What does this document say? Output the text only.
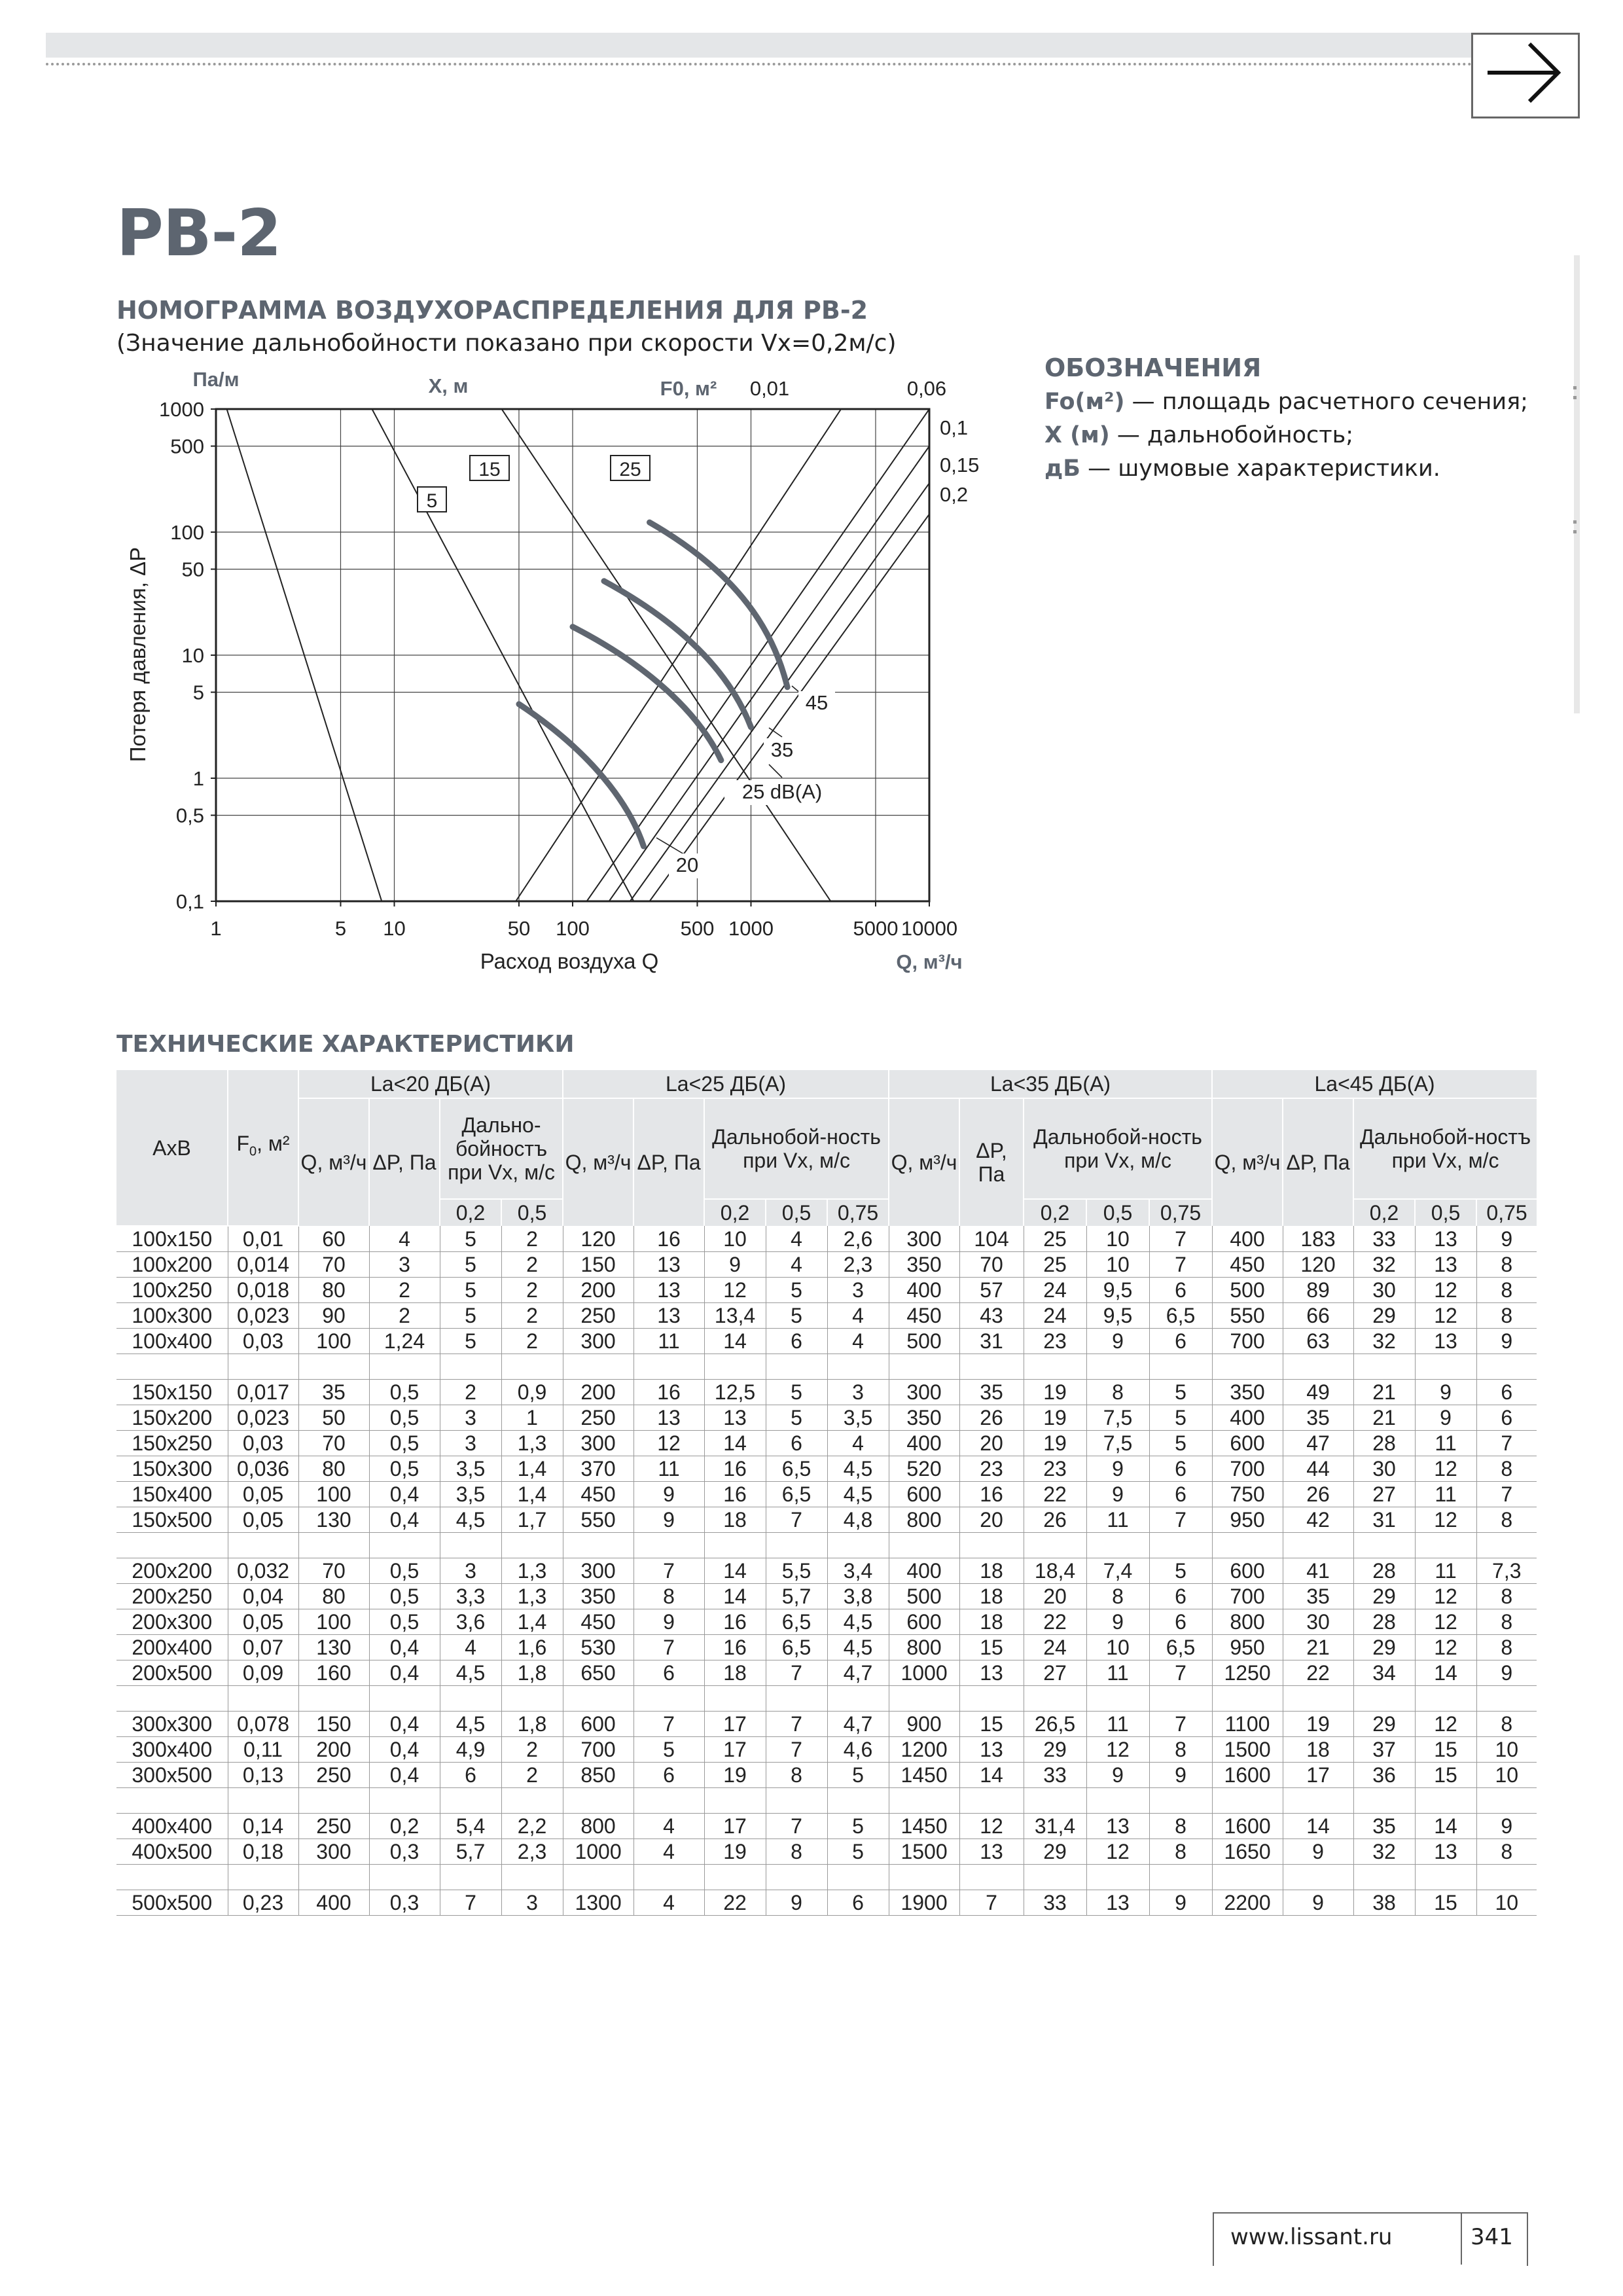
РВ-2
НОМОГРАММА ВОЗДУХОРАСПРЕДЕЛЕНИЯ ДЛЯ РВ-2
(Значение дальнобойности показано при скорости Vx=0,2м/с)
ОБОЗНАЧЕНИЯ
Fo(м²) — площадь расчетного сечения;
X (м) — дальнобойность;
дБ — шумовые характеристики.
1	5 10	50 100	500 1000	5000 10000
0,1
0,5
1
5
10
50
100
500
1000
5
15	25
0,01	0,06
0,1
0,15
0,2
20
25 dB(A)
35
45
Па/м	X, м	F0, м²
Расход воздуха Q	Q, м³/ч
Потеря давления, ΔP
ТЕХНИЧЕСКИЕ ХАРАКТЕРИСТИКИ
AxB	$F_0$, м²	La<20 ДБ(А)				La<25 ДБ(А)					La<35 ДБ(А)					La<45 ДБ(А)				
		Q, м³/ч	ΔP, Па	Дально-бойностъ при Vx, м/с		Q, м³/ч	ΔP, Па	Дальнобой-ность при Vx, м/с			Q, м³/ч	ΔP, Па	Дальнобой-ность при Vx, м/с			Q, м³/ч	ΔP, Па	Дальнобой-ностъ при Vx, м/с		
				0,2	0,5			0,2	0,5	0,75			0,2	0,5	0,75			0,2	0,5	0,75
100x150	0,01	60	4	5	2	120	16	10	4	2,6	300	104	25	10	7	400	183	33	13	9
100x200	0,014	70	3	5	2	150	13	9	4	2,3	350	70	25	10	7	450	120	32	13	8
100x250	0,018	80	2	5	2	200	13	12	5	3	400	57	24	9,5	6	500	89	30	12	8
100x300	0,023	90	2	5	2	250	13	13,4	5	4	450	43	24	9,5	6,5	550	66	29	12	8
100x400	0,03	100	1,24	5	2	300	11	14	6	4	500	31	23	9	6	700	63	32	13	9

150x150	0,017	35	0,5	2	0,9	200	16	12,5	5	3	300	35	19	8	5	350	49	21	9	6
150x200	0,023	50	0,5	3	1	250	13	13	5	3,5	350	26	19	7,5	5	400	35	21	9	6
150x250	0,03	70	0,5	3	1,3	300	12	14	6	4	400	20	19	7,5	5	600	47	28	11	7
150x300	0,036	80	0,5	3,5	1,4	370	11	16	6,5	4,5	520	23	23	9	6	700	44	30	12	8
150x400	0,05	100	0,4	3,5	1,4	450	9	16	6,5	4,5	600	16	22	9	6	750	26	27	11	7
150x500	0,05	130	0,4	4,5	1,7	550	9	18	7	4,8	800	20	26	11	7	950	42	31	12	8

200x200	0,032	70	0,5	3	1,3	300	7	14	5,5	3,4	400	18	18,4	7,4	5	600	41	28	11	7,3
200x250	0,04	80	0,5	3,3	1,3	350	8	14	5,7	3,8	500	18	20	8	6	700	35	29	12	8
200x300	0,05	100	0,5	3,6	1,4	450	9	16	6,5	4,5	600	18	22	9	6	800	30	28	12	8
200x400	0,07	130	0,4	4	1,6	530	7	16	6,5	4,5	800	15	24	10	6,5	950	21	29	12	8
200x500	0,09	160	0,4	4,5	1,8	650	6	18	7	4,7	1000	13	27	11	7	1250	22	34	14	9

300x300	0,078	150	0,4	4,5	1,8	600	7	17	7	4,7	900	15	26,5	11	7	1100	19	29	12	8
300x400	0,11	200	0,4	4,9	2	700	5	17	7	4,6	1200	13	29	12	8	1500	18	37	15	10
300x500	0,13	250	0,4	6	2	850	6	19	8	5	1450	14	33	9	9	1600	17	36	15	10

400x400	0,14	250	0,2	5,4	2,2	800	4	17	7	5	1450	12	31,4	13	8	1600	14	35	14	9
400x500	0,18	300	0,3	5,7	2,3	1000	4	19	8	5	1500	13	29	12	8	1650	9	32	13	8

500x500	0,23	400	0,3	7	3	1300	4	22	9	6	1900	7	33	13	9	2200	9	38	15	10
www.lissant.ru	341
